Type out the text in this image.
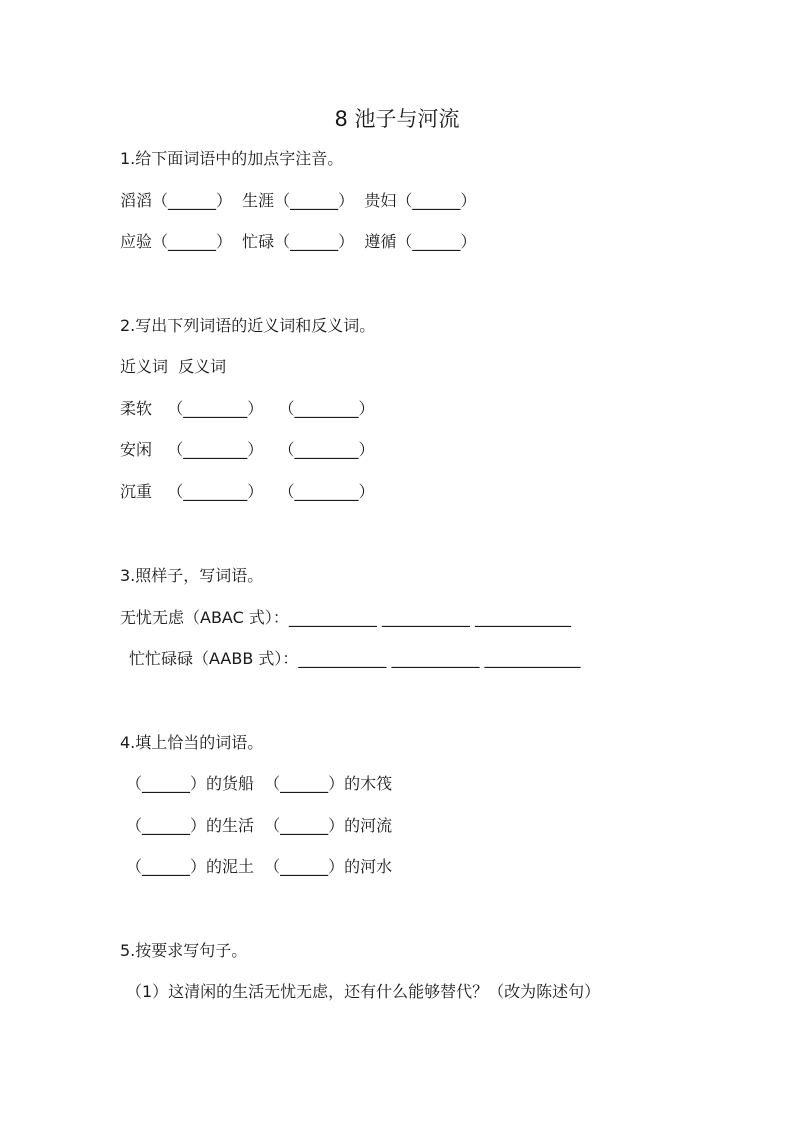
8 池子与河流
1.给下面词语中的加点字注音。
滔滔（______）  生涯（______）  贵妇（______）
应验（______）  忙碌（______）  遵循（______）
2.写出下列词语的近义词和反义词。
近义词  反义词
柔软   （________）   （________）
安闲   （________）   （________）
沉重   （________）   （________）
3.照样子，写词语。
无忧无虑（ABAC 式）：___________ ___________ ____________
忙忙碌碌（AABB 式）：___________ ___________ ____________
4.填上恰当的词语。
（______）的货船  （______）的木筏
（______）的生活  （______）的河流
（______）的泥土  （______）的河水
5.按要求写句子。
（1）这清闲的生活无忧无虑，还有什么能够替代？（改为陈述句）
